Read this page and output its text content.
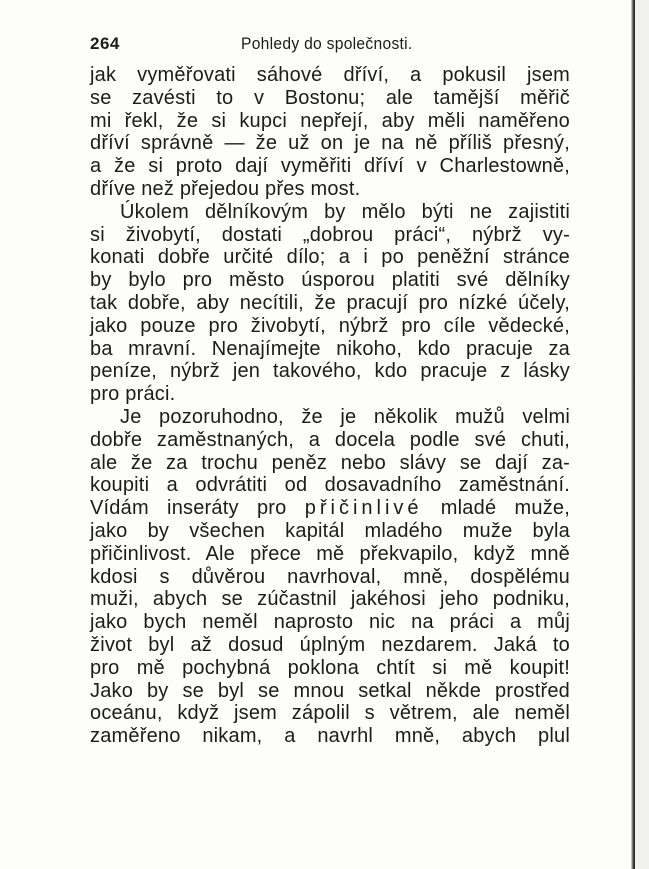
264	Pohledy do společnosti.
jak vyměřovati sáhové dříví, a pokusil jsem
se zavésti to v Bostonu; ale tamější měřič
mi řekl, že si kupci nepřejí, aby měli naměřeno
dříví správně — že už on je na ně příliš přesný,
a že si proto dají vyměřiti dříví v Charlestowně,
dříve než přejedou přes most.
Úkolem dělníkovým by mělo býti ne zajistiti
si živobytí, dostati „dobrou práci“, nýbrž vy-
konati dobře určité dílo; a i po peněžní stránce
by bylo pro město úsporou platiti své dělníky
tak dobře, aby necítili, že pracují pro nízké účely,
jako pouze pro živobytí, nýbrž pro cíle vědecké,
ba mravní. Nenajímejte nikoho, kdo pracuje za
peníze, nýbrž jen takového, kdo pracuje z lásky
pro práci.
Je pozoruhodno, že je několik mužů velmi
dobře zaměstnaných, a docela podle své chuti,
ale že za trochu peněz nebo slávy se dají za-
koupiti a odvrátiti od dosavadního zaměstnání.
Vídám inseráty pro přičinlivé mladé muže,
jako by všechen kapitál mladého muže byla
přičinlivost. Ale přece mě překvapilo, když mně
kdosi s důvěrou navrhoval, mně, dospělému
muži, abych se zúčastnil jakéhosi jeho podniku,
jako bych neměl naprosto nic na práci a můj
život byl až dosud úplným nezdarem. Jaká to
pro mě pochybná poklona chtít si mě koupit!
Jako by se byl se mnou setkal někde prostřed
oceánu, když jsem zápolil s větrem, ale neměl
zaměřeno nikam, a navrhl mně, abych plul
